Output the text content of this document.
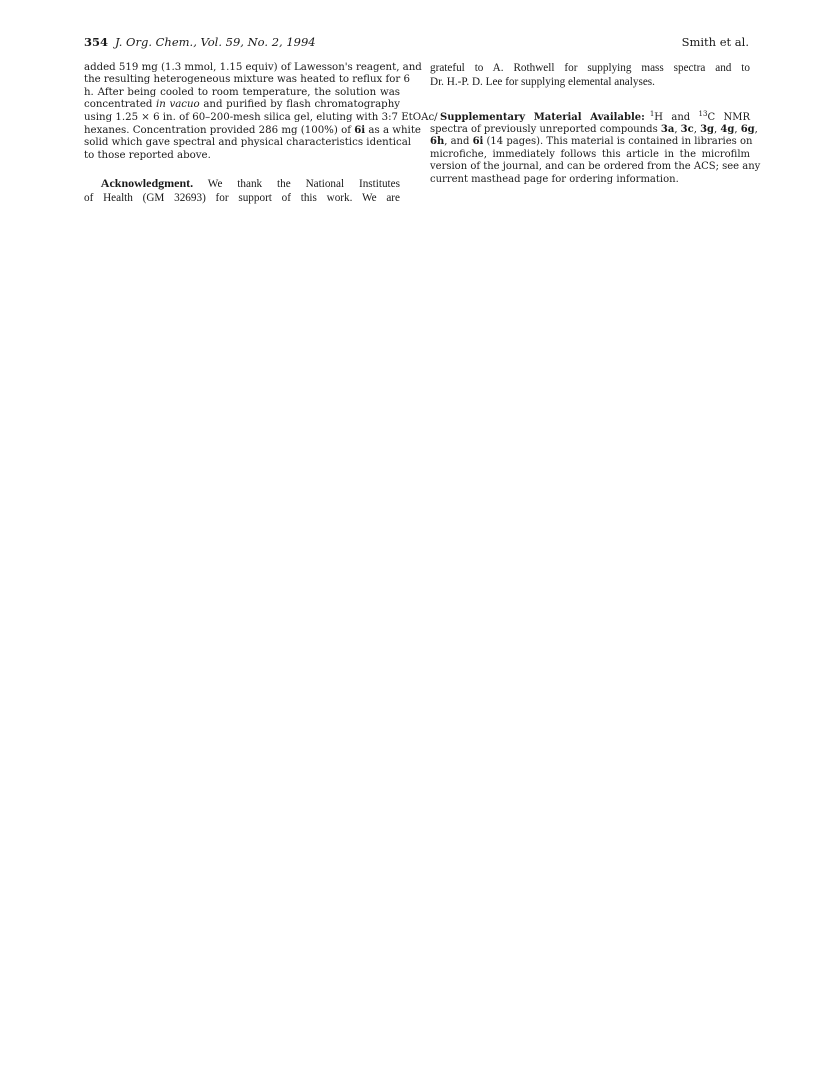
354 J. Org. Chem., Vol. 59, No. 2, 1994	Smith et al.
added 519 mg (1.3 mmol, 1.15 equiv) of Lawesson's reagent, and
the resulting heterogeneous mixture was heated to reflux for 6
h. After being cooled to room temperature, the solution was
concentrated in vacuo and purified by flash chromatography
using 1.25 × 6 in. of 60–200-mesh silica gel, eluting with 3:7 EtOAc/
hexanes. Concentration provided 286 mg (100%) of 6i as a white
solid which gave spectral and physical characteristics identical
to those reported above.
  Acknowledgment. We thank the National Institutes
of Health (GM 32693) for support of this work. We are
grateful to A. Rothwell for supplying mass spectra and to
Dr. H.-P. D. Lee for supplying elemental analyses.
 Supplementary Material Available:  $^1$H and $^{13}$C NMR
spectra of previously unreported compounds 3a, 3c, 3g, 4g, 6g,
6h, and 6i (14 pages). This material is contained in libraries on
microfiche, immediately follows this article in the microfilm
version of the journal, and can be ordered from the ACS; see any
current masthead page for ordering information.
